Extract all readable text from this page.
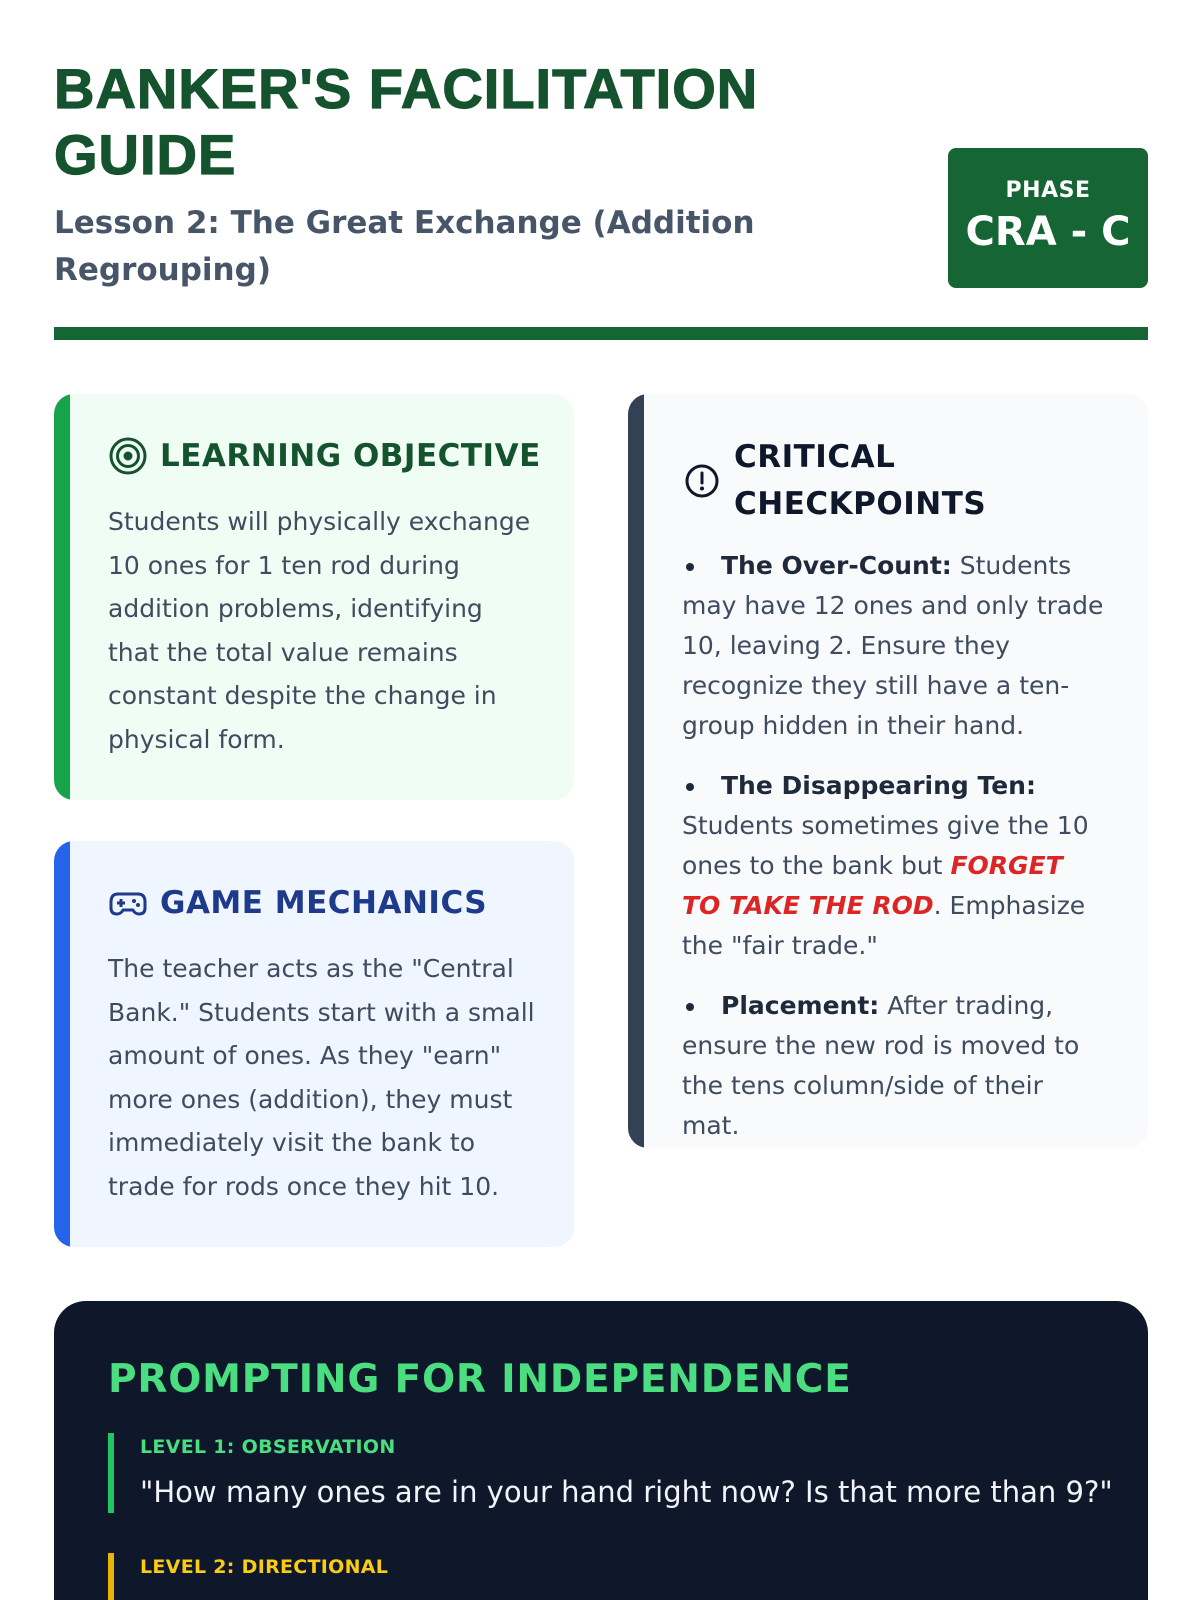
BANKER'S FACILITATION GUIDE
Lesson 2: The Great Exchange (Addition Regrouping)
PHASE
CRA - C
LEARNING OBJECTIVE

Students will physically exchange 10 ones for 1 ten rod during addition problems, identifying that the total value remains constant despite the change in physical form.

GAME MECHANICS

The teacher acts as the "Central Bank." Students start with a small amount of ones. As they "earn" more ones (addition), they must immediately visit the bank to trade for rods once they hit 10.

CRITICAL CHECKPOINTS
The Over-Count: Students may have 12 ones and only trade 10, leaving 2. Ensure they recognize they still have a ten-group hidden in their hand.
The Disappearing Ten: Students sometimes give the 10 ones to the bank but FORGET TO TAKE THE ROD. Emphasize the "fair trade."
Placement: After trading, ensure the new rod is moved to the tens column/side of their mat.
PROMPTING FOR INDEPENDENCE
LEVEL 1: OBSERVATION
"How many ones are in your hand right now? Is that more than 9?"
LEVEL 2: DIRECTIONAL
